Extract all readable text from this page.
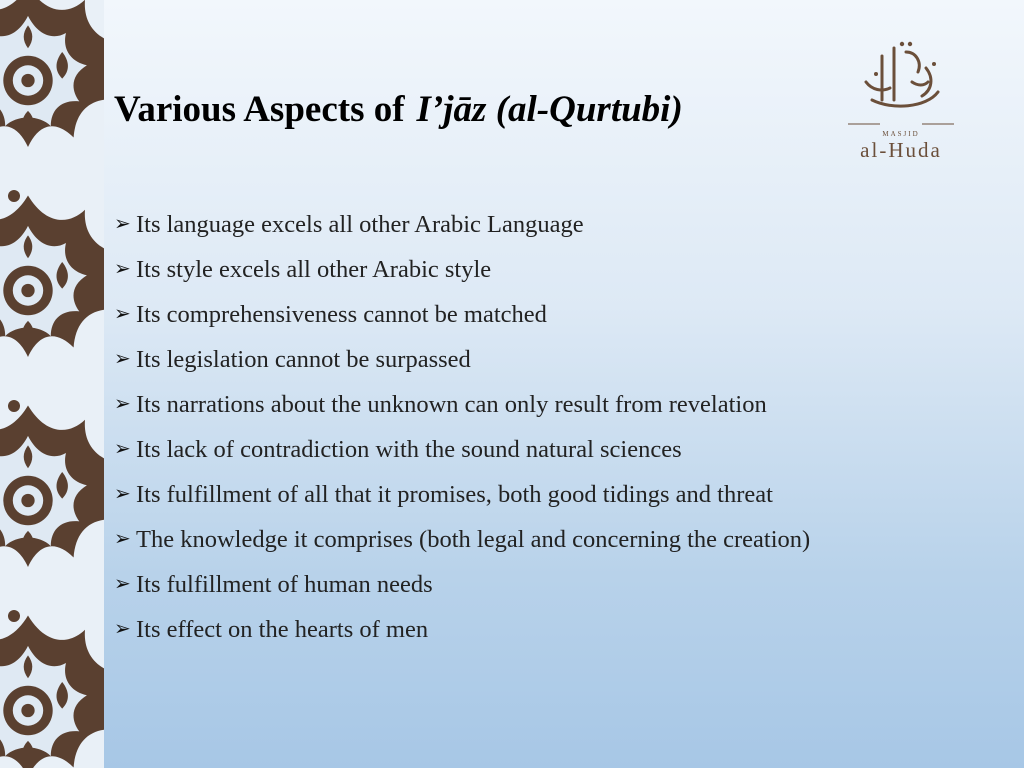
Various Aspects of I’jāz (al-Qurtubi)
MASJID
al-Huda
➢ Its language excels all other Arabic Language
➢ Its style excels all other Arabic style
➢ Its comprehensiveness cannot be matched
➢ Its legislation cannot be surpassed
➢ Its narrations about the unknown can only result from revelation
➢ Its lack of contradiction with the sound natural sciences
➢ Its fulfillment of all that it promises, both good tidings and threat
➢ The knowledge it comprises (both legal and concerning the creation)
➢ Its fulfillment of human needs
➢ Its effect on the hearts of men
